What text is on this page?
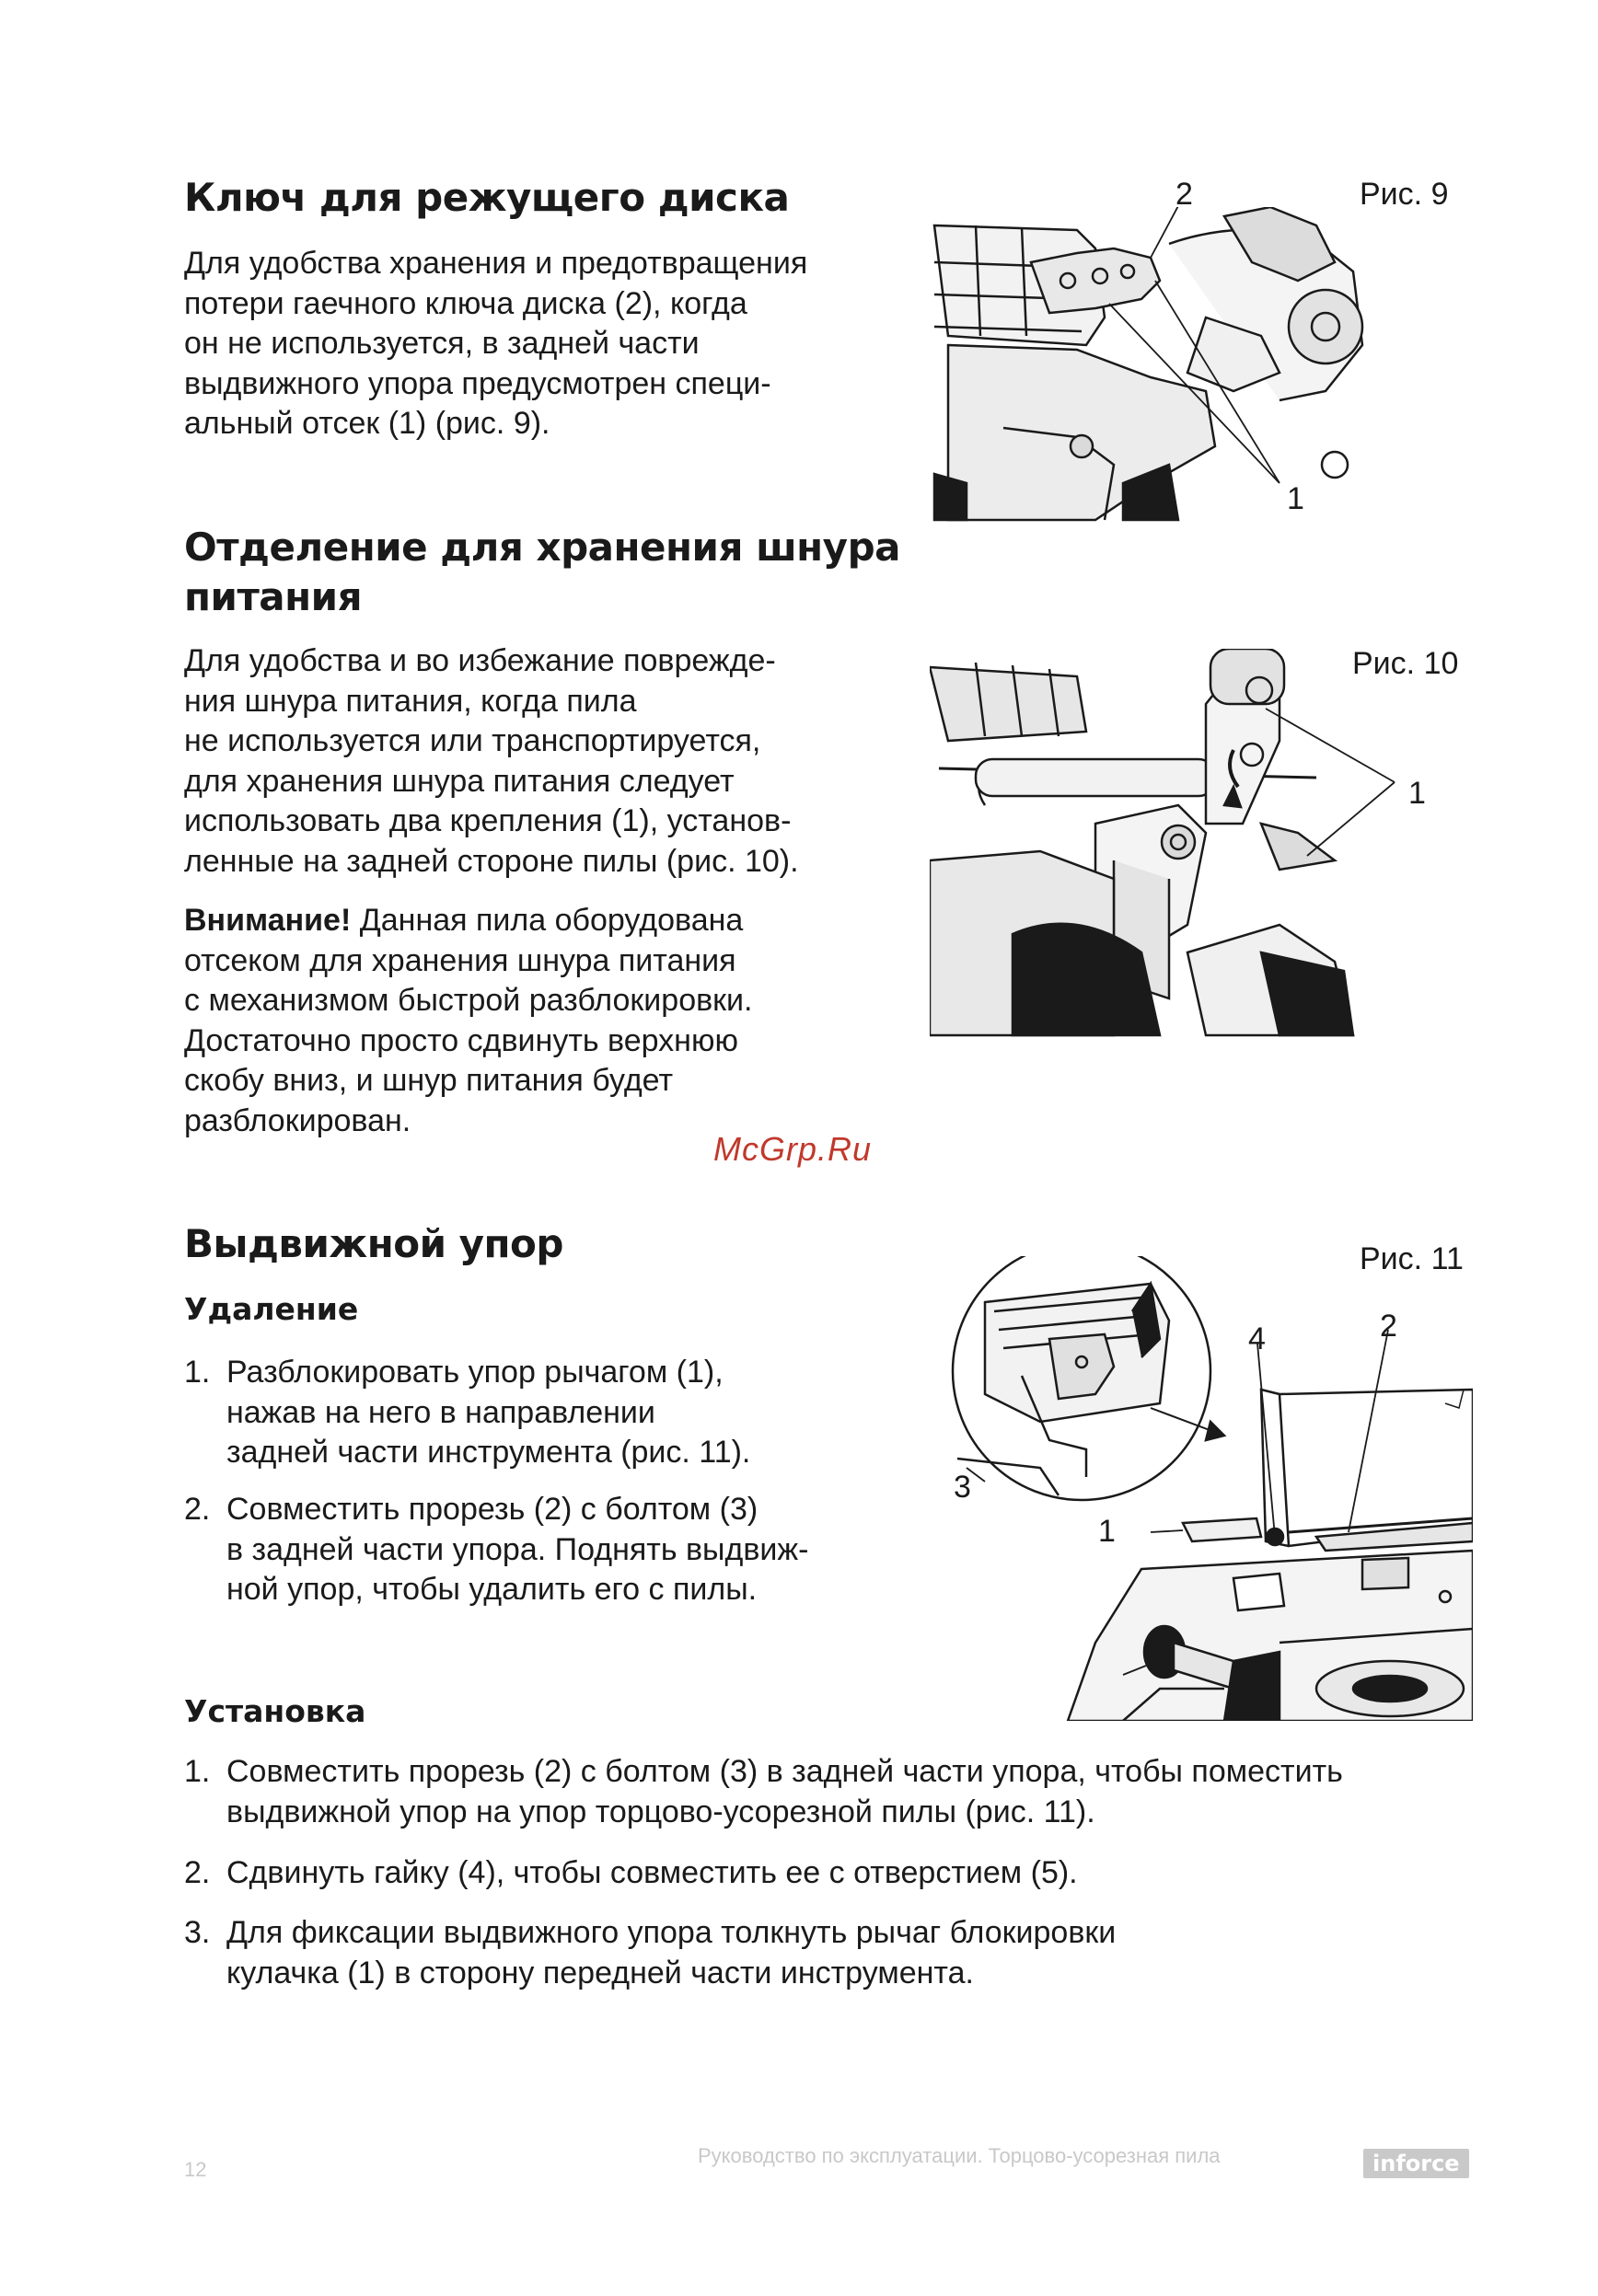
Ключ для режущего диска
Для удобства хранения и предотвращения
потери гаечного ключа диска (2), когда
он не используется, в задней части
выдвижного упора предусмотрен специ-
альный отсек (1) (рис. 9).
Рис. 9
2
1
Отделение для хранения шнура
питания
Для удобства и во избежание поврежде-
ния шнура питания, когда пила
не используется или транспортируется,
для хранения шнура питания следует
использовать два крепления (1), установ-
ленные на задней стороне пилы (рис. 10).
Внимание! Данная пила оборудована
отсеком для хранения шнура питания
с механизмом быстрой разблокировки.
Достаточно просто сдвинуть верхнюю
скобу вниз, и шнур питания будет
разблокирован.
Рис. 10
1
McGrp.Ru
Выдвижной упор
Удаление
1. Разблокировать упор рычагом (1),
нажав на него в направлении
задней части инструмента (рис. 11).
2. Совместить прорезь (2) с болтом (3)
в задней части упора. Поднять выдвиж-
ной упор, чтобы удалить его с пилы.
Установка
1. Совместить прорезь (2) с болтом (3) в задней части упора, чтобы поместить
выдвижной упор на упор торцово-усорезной пилы (рис. 11).
2. Сдвинуть гайку (4), чтобы совместить ее с отверстием (5).
3. Для фиксации выдвижного упора толкнуть рычаг блокировки
кулачка (1) в сторону передней части инструмента.
Рис. 11
4	2
3
1
12
Руководство по эксплуатации. Торцово-усорезная пила	inforce
